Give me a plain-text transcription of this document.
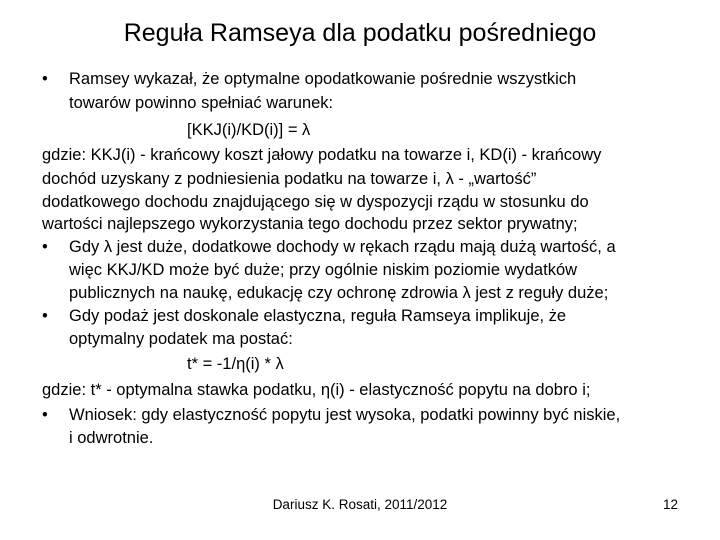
Reguła Ramseya dla podatku pośredniego
• Ramsey wykazał, że optymalne opodatkowanie pośrednie wszystkich
towarów powinno spełniać warunek:
[KKJ(i)/KD(i)] = λ
gdzie: KKJ(i) - krańcowy koszt jałowy podatku na towarze i, KD(i) - krańcowy
dochód uzyskany z podniesienia podatku na towarze i, λ - „wartość”
dodatkowego dochodu znajdującego się w dyspozycji rządu w stosunku do
wartości najlepszego wykorzystania tego dochodu przez sektor prywatny;
• Gdy λ jest duże, dodatkowe dochody w rękach rządu mają dużą wartość, a
więc KKJ/KD może być duże; przy ogólnie niskim poziomie wydatków
publicznych na naukę, edukację czy ochronę zdrowia λ jest z reguły duże;
• Gdy podaż jest doskonale elastyczna, reguła Ramseya implikuje, że
optymalny podatek ma postać:
t* = -1/η(i) * λ
gdzie: t* - optymalna stawka podatku, η(i) - elastyczność popytu na dobro i;
• Wniosek: gdy elastyczność popytu jest wysoka, podatki powinny być niskie,
i odwrotnie.
Dariusz K. Rosati, 2011/2012	12
